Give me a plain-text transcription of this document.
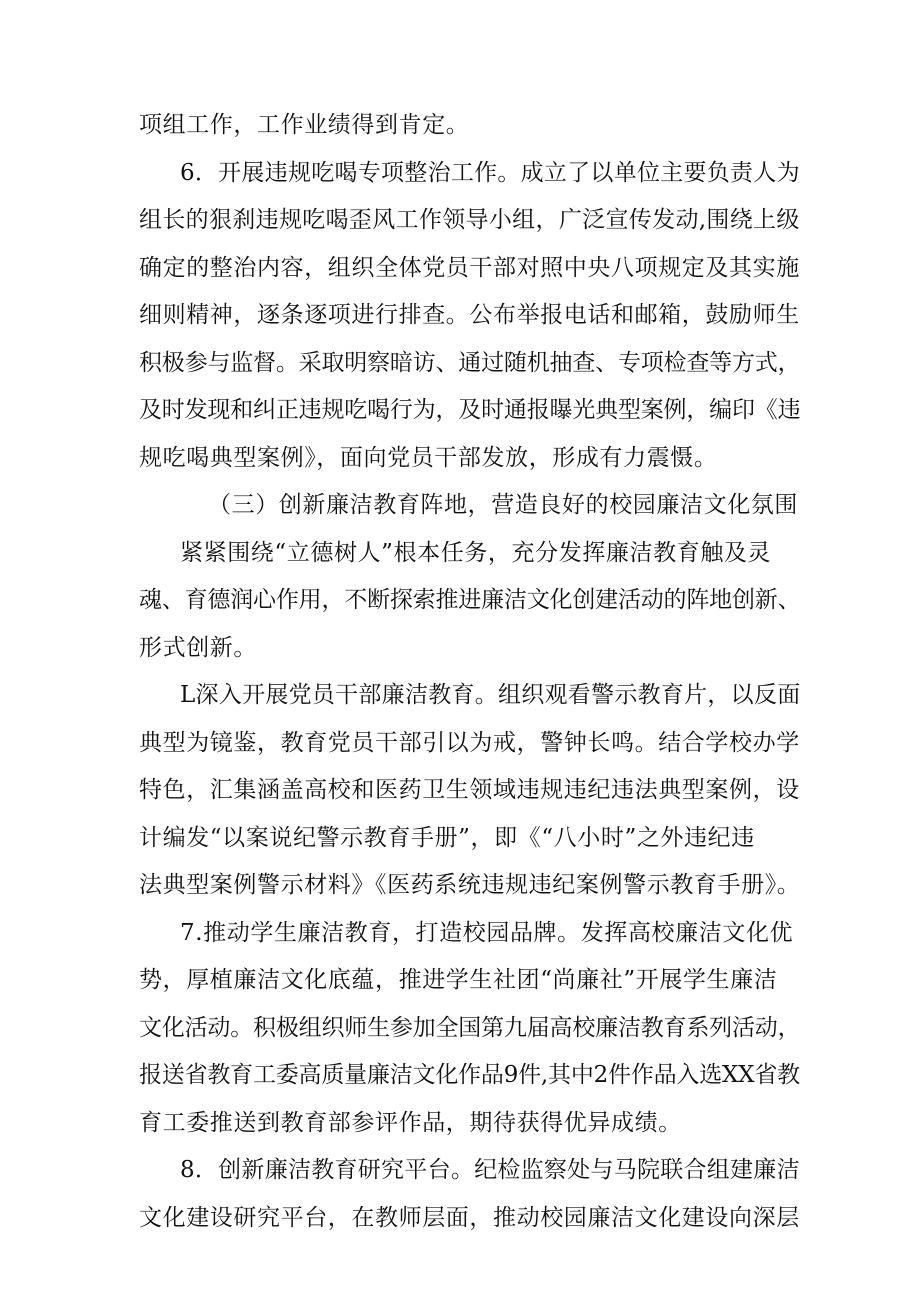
项组工作，工作业绩得到肯定。
6．开展违规吃喝专项整治工作。成立了以单位主要负责人为
组长的狠刹违规吃喝歪风工作领导小组，广泛宣传发动,围绕上级
确定的整治内容，组织全体党员干部对照中央八项规定及其实施
细则精神，逐条逐项进行排查。公布举报电话和邮箱，鼓励师生
积极参与监督。采取明察暗访、通过随机抽查、专项检查等方式，
及时发现和纠正违规吃喝行为，及时通报曝光典型案例，编印《违
规吃喝典型案例》，面向党员干部发放，形成有力震慑。
（三）创新廉洁教育阵地，营造良好的校园廉洁文化氛围
紧紧围绕“立德树人”根本任务，充分发挥廉洁教育触及灵
魂、育德润心作用，不断探索推进廉洁文化创建活动的阵地创新、
形式创新。
L深入开展党员干部廉洁教育。组织观看警示教育片，以反面
典型为镜鉴，教育党员干部引以为戒，警钟长鸣。结合学校办学
特色，汇集涵盖高校和医药卫生领域违规违纪违法典型案例，设
计编发“以案说纪警示教育手册”，即《“八小时”之外违纪违
法典型案例警示材料》《医药系统违规违纪案例警示教育手册》。
7.推动学生廉洁教育，打造校园品牌。发挥高校廉洁文化优
势，厚植廉洁文化底蕴，推进学生社团“尚廉社”开展学生廉洁
文化活动。积极组织师生参加全国第九届高校廉洁教育系列活动，
报送省教育工委高质量廉洁文化作品9件,其中2件作品入选XX省教
育工委推送到教育部参评作品，期待获得优异成绩。
8．创新廉洁教育研究平台。纪检监察处与马院联合组建廉洁
文化建设研究平台，在教师层面，推动校园廉洁文化建设向深层
